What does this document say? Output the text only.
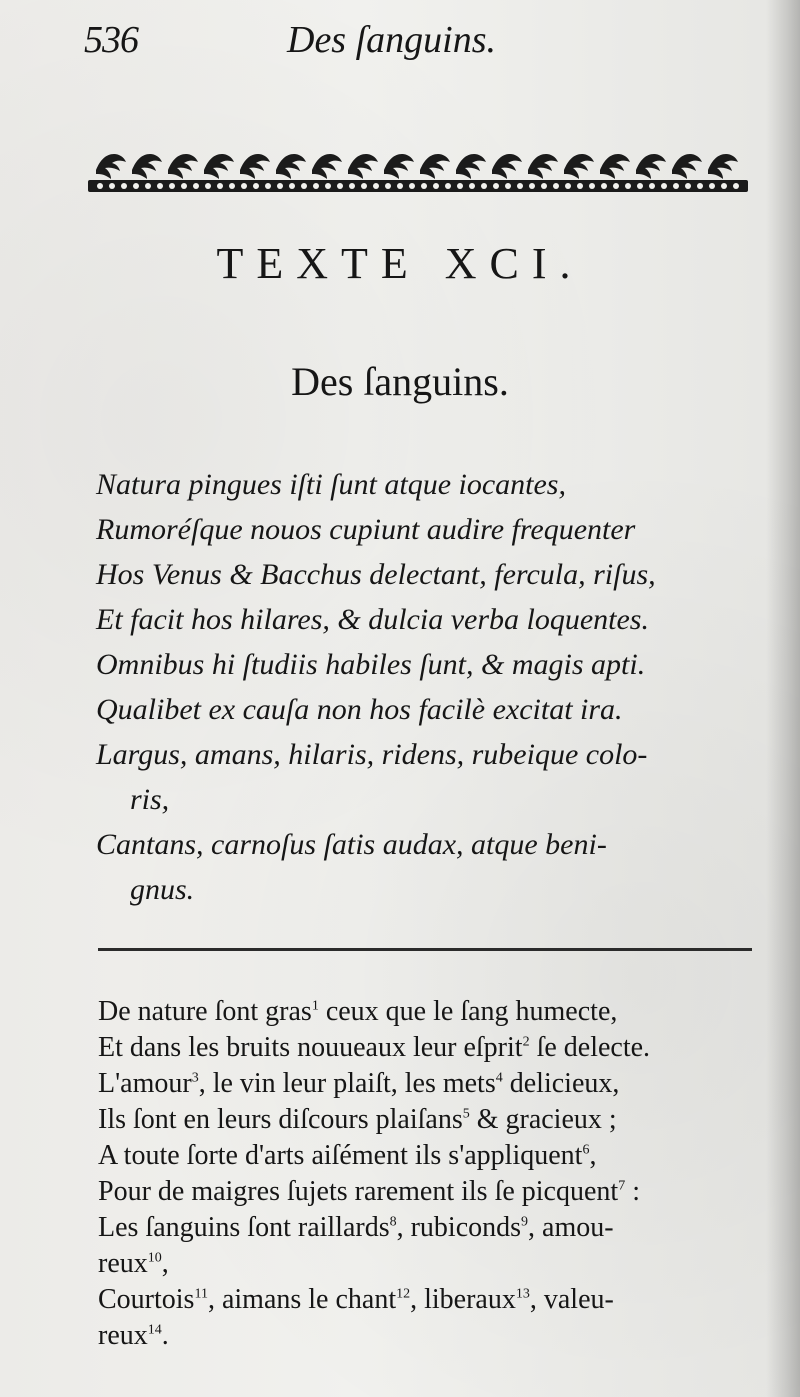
536	Des ſanguins.
TEXTE XCI.
Des ſanguins.
Natura pingues iſti ſunt atque iocantes,
Rumoréſque nouos cupiunt audire frequenter
Hos Venus & Bacchus delectant, fercula, riſus,
Et facit hos hilares, & dulcia verba loquentes.
Omnibus hi ſtudiis habiles ſunt, & magis apti.
Qualibet ex cauſa non hos facilè excitat ira.
Largus, amans, hilaris, ridens, rubeique colo-
ris,
Cantans, carnoſus ſatis audax, atque beni-
gnus.
De nature ſont gras$^1$ ceux que le ſang humecte,
Et dans les bruits nouueaux leur eſprit$^2$ ſe delecte.
L'amour$^3$, le vin leur plaiſt, les mets$^4$ delicieux,
Ils ſont en leurs diſcours plaiſans$^5$ & gracieux ;
A toute ſorte d'arts aiſément ils s'appliquent$^6$,
Pour de maigres ſujets rarement ils ſe picquent$^7$ :
Les ſanguins ſont raillards$^8$, rubiconds$^9$, amou-
reux$^{10}$,
Courtois$^{11}$, aimans le chant$^{12}$, liberaux$^{13}$, valeu-
reux$^{14}$.
